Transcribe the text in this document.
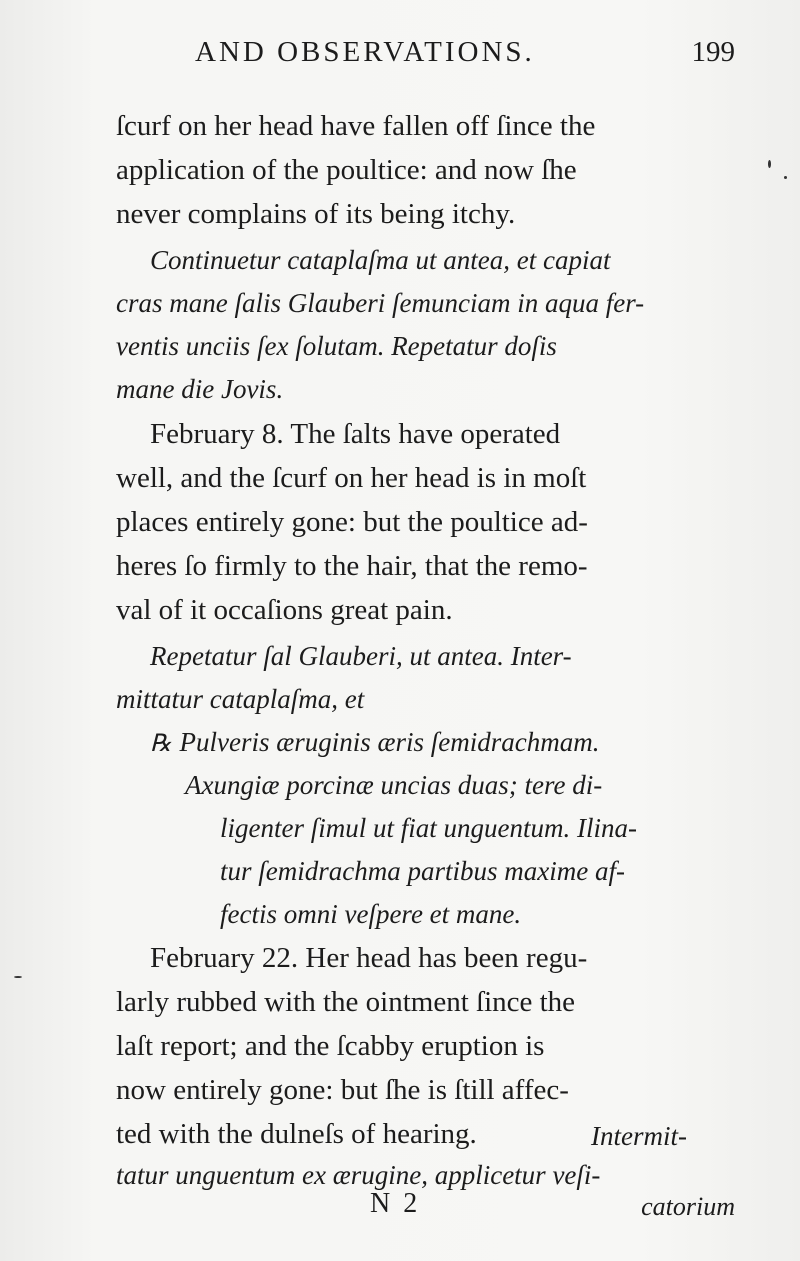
AND OBSERVATIONS.	199
ſcurf on her head have fallen off ſince the
application of the poultice: and now ſhe
never complains of its being itchy.
Continuetur cataplaſma ut antea, et capiat
cras mane ſalis Glauberi ſemunciam in aqua fer-
ventis unciis ſex ſolutam. Repetatur doſis
mane die Jovis.
February 8. The ſalts have operated
well, and the ſcurf on her head is in moſt
places entirely gone: but the poultice ad-
heres ſo firmly to the hair, that the remo-
val of it occaſions great pain.
Repetatur ſal Glauberi, ut antea. Inter-
mittatur cataplaſma, et
℞ Pulveris æruginis æris ſemidrachmam.
Axungiæ porcinæ uncias duas; tere di-
ligenter ſimul ut fiat unguentum. Ilina-
tur ſemidrachma partibus maxime af-
fectis omni veſpere et mane.
February 22. Her head has been regu-
larly rubbed with the ointment ſince the
laſt report; and the ſcabby eruption is
now entirely gone: but ſhe is ſtill affec-
ted with the dulneſs of hearing.	Intermit-
tatur unguentum ex ærugine, applicetur veſi-
N 2	catorium
